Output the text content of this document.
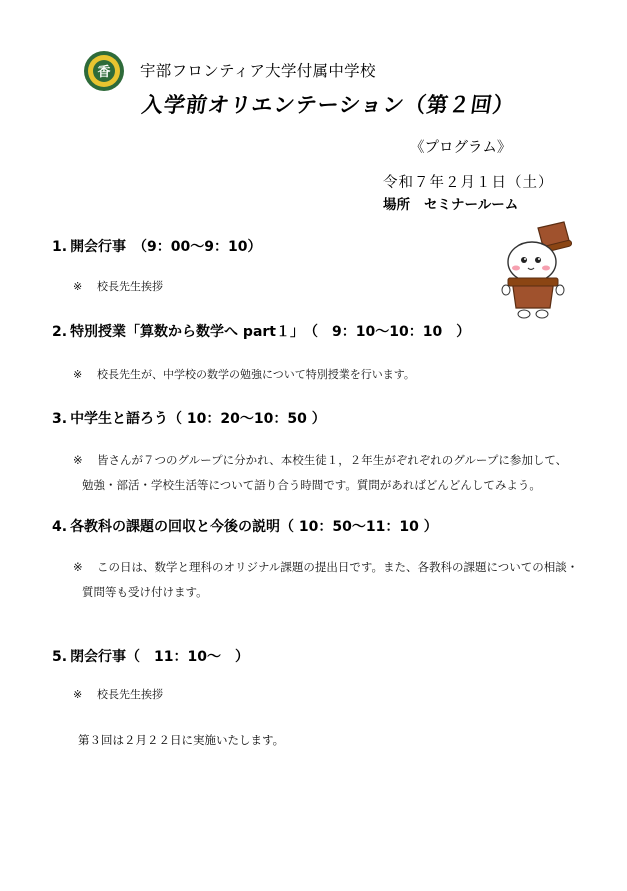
香 宇部フロンティア大学付属中学校
入学前オリエンテーション（第２回）
《プログラム》
令和７年２月１日（土）
場所 セミナールーム
1. 開会行事　（9：00〜9：10）
※ 校長先生挨拶
2. 特別授業「算数から数学へ part１」　（　9：10〜10：10　）
※ 校長先生が、中学校の数学の勉強について特別授業を行います。
3. 中学生と語ろう（ 10：20〜10：50 ）
※ 皆さんが７つのグループに分かれ、本校生徒１，２年生がぞれぞれのグループに参加して、
勉強・部活・学校生活等について語り合う時間です。質問があればどんどんしてみよう。
4. 各教科の課題の回収と今後の説明（ 10：50〜11：10 ）
※ この日は、数学と理科のオリジナル課題の提出日です。また、各教科の課題についての相談・
質問等も受け付けます。
5. 閉会行事（　11：10〜　）
※ 校長先生挨拶
第３回は２月２２日に実施いたします。
